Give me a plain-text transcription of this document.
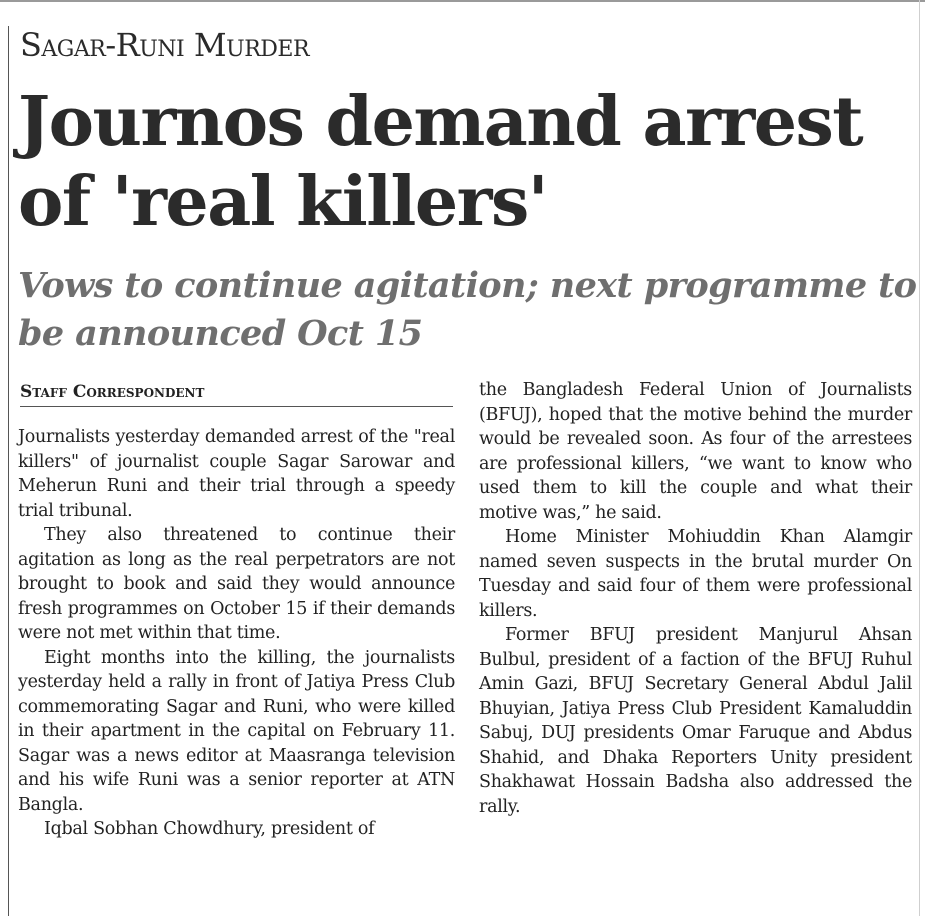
Sagar-Runi Murder
Journos demand arrest of 'real killers'
Vows to continue agitation; next programme to be announced Oct 15
Staff Correspondent

Journalists yesterday demanded arrest of the "real killers" of journalist couple Sagar Sarowar and Meherun Runi and their trial through a speedy trial tribunal.

They also threatened to continue their agitation as long as the real perpetrators are not brought to book and said they would announce fresh programmes on October 15 if their demands were not met within that time.

Eight months into the killing, the journalists yesterday held a rally in front of Jatiya Press Club commemorating Sagar and Runi, who were killed in their apartment in the capital on February 11. Sagar was a news editor at Maasranga television and his wife Runi was a senior reporter at ATN Bangla.

Iqbal Sobhan Chowdhury, president of

the Bangladesh Federal Union of Journalists (BFUJ), hoped that the motive behind the murder would be revealed soon. As four of the arrestees are professional killers, “we want to know who used them to kill the couple and what their motive was,” he said.

Home Minister Mohiuddin Khan Alamgir named seven suspects in the brutal murder On Tuesday and said four of them were professional killers.

Former BFUJ president Manjurul Ahsan Bulbul, president of a faction of the BFUJ Ruhul Amin Gazi, BFUJ Secretary General Abdul Jalil Bhuyian, Jatiya Press Club President Kamaluddin Sabuj, DUJ presidents Omar Faruque and Abdus Shahid, and Dhaka Reporters Unity president Shakhawat Hossain Badsha also addressed the rally.
